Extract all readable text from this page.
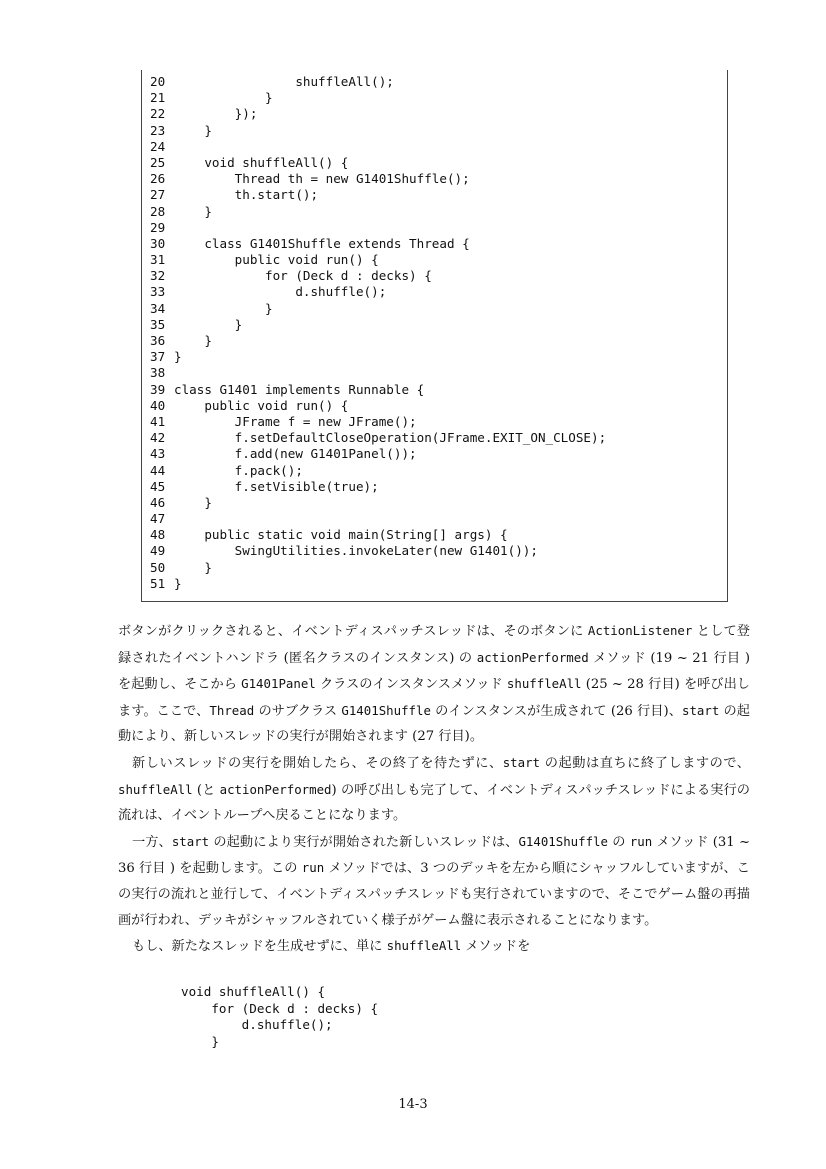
20                shuffleAll();
21            }
22        });
23    }
24
25    void shuffleAll() {
26        Thread th = new G1401Shuffle();
27        th.start();
28    }
29
30    class G1401Shuffle extends Thread {
31        public void run() {
32            for (Deck d : decks) {
33                d.shuffle();
34            }
35        }
36    }
37 }
38
39 class G1401 implements Runnable {
40    public void run() {
41        JFrame f = new JFrame();
42        f.setDefaultCloseOperation(JFrame.EXIT_ON_CLOSE);
43        f.add(new G1401Panel());
44        f.pack();
45        f.setVisible(true);
46    }
47
48    public static void main(String[] args) {
49        SwingUtilities.invokeLater(new G1401());
50    }
51 }

ボタンがクリックされると、イベントディスパッチスレッドは、そのボタンに ActionListener として登録されたイベントハンドラ (匿名クラスのインスタンス) の actionPerformed メソッド (19 ~ 21 行目 ) を起動し、そこから G1401Panel クラスのインスタンスメソッド shuffleAll (25 ~ 28 行目) を呼び出します。ここで、Thread のサブクラス G1401Shuffle のインスタンスが生成されて (26 行目)、start の起動により、新しいスレッドの実行が開始されます (27 行目)。

新しいスレッドの実行を開始したら、その終了を待たずに、start の起動は直ちに終了しますので、shuffleAll (と actionPerformed) の呼び出しも完了して、イベントディスパッチスレッドによる実行の流れは、イベントループへ戻ることになります。

一方、start の起動により実行が開始された新しいスレッドは、G1401Shuffle の run メソッド (31 ~ 36 行目 ) を起動します。この run メソッドでは、3 つのデッキを左から順にシャッフルしていますが、この実行の流れと並行して、イベントディスパッチスレッドも実行されていますので、そこでゲーム盤の再描画が行われ、デッキがシャッフルされていく様子がゲーム盤に表示されることになります。

もし、新たなスレッドを生成せずに、単に shuffleAll メソッドを

void shuffleAll() {
for (Deck d : decks) {
d.shuffle();
}
14-3
